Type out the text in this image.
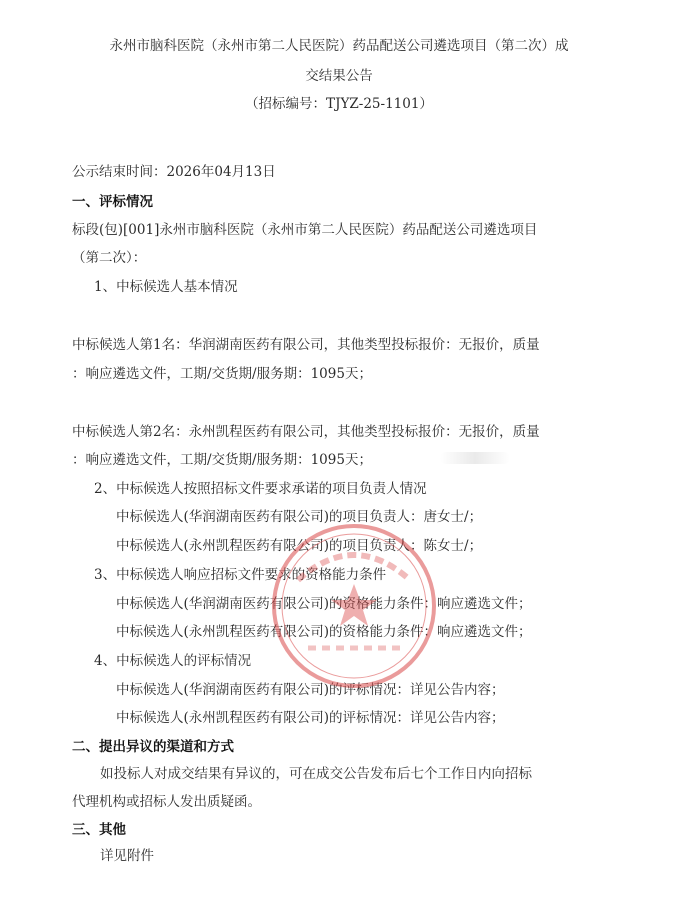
永州市脑科医院（永州市第二人民医院）药品配送公司遴选项目（第二次）成
交结果公告
（招标编号：TJYZ-25-1101）
公示结束时间：2026年04月13日
一、评标情况
标段(包)[001]永州市脑科医院（永州市第二人民医院）药品配送公司遴选项目
（第二次）：
1、中标候选人基本情况
中标候选人第1名：华润湖南医药有限公司，其他类型投标报价：无报价，质量
：响应遴选文件，工期/交货期/服务期：1095天；
中标候选人第2名：永州凯程医药有限公司，其他类型投标报价：无报价，质量
：响应遴选文件，工期/交货期/服务期：1095天；
2、中标候选人按照招标文件要求承诺的项目负责人情况
中标候选人(华润湖南医药有限公司)的项目负责人：唐女士/；
中标候选人(永州凯程医药有限公司)的项目负责人：陈女士/；
3、中标候选人响应招标文件要求的资格能力条件
中标候选人(华润湖南医药有限公司)的资格能力条件：响应遴选文件；
中标候选人(永州凯程医药有限公司)的资格能力条件：响应遴选文件；
4、中标候选人的评标情况
中标候选人(华润湖南医药有限公司)的评标情况：详见公告内容；
中标候选人(永州凯程医药有限公司)的评标情况：详见公告内容；
二、提出异议的渠道和方式
如投标人对成交结果有异议的，可在成交公告发布后七个工作日内向招标
代理机构或招标人发出质疑函。
三、其他
详见附件
